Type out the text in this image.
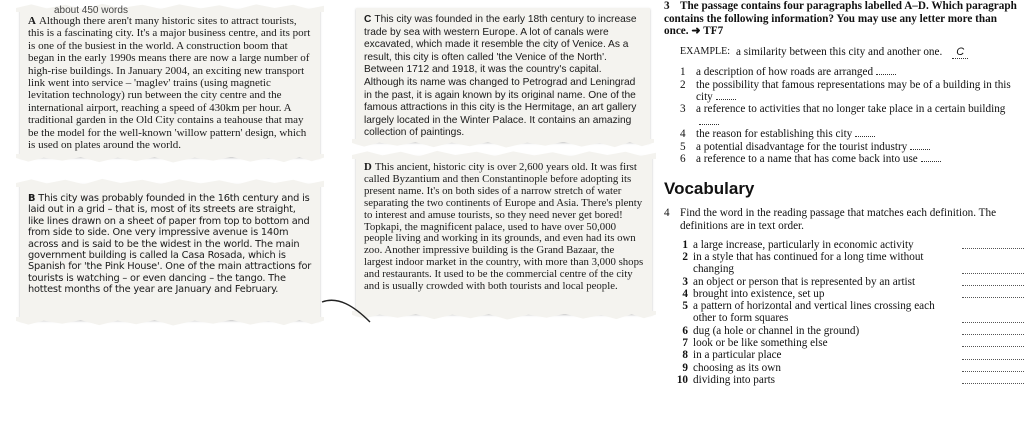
about 450 words

A Although there aren't many historic sites to attract tourists, this is a fascinating city. It's a major business centre, and its port is one of the busiest in the world. A construction boom that began in the early 1990s means there are now a large number of high-rise buildings. In January 2004, an exciting new transport link went into service – 'maglev' trains (using magnetic levitation technology) run between the city centre and the international airport, reaching a speed of 430km per hour. A traditional garden in the Old City contains a teahouse that may be the model for the well-known 'willow pattern' design, which is used on plates around the world.

B This city was probably founded in the 16th century and is laid out in a grid – that is, most of its streets are straight, like lines drawn on a sheet of paper from top to bottom and from side to side. One very impressive avenue is 140m across and is said to be the widest in the world. The main government building is called la Casa Rosada, which is Spanish for 'the Pink House'. One of the main attractions for tourists is watching – or even dancing – the tango. The hottest months of the year are January and February.

C This city was founded in the early 18th century to increase trade by sea with western Europe. A lot of canals were excavated, which made it resemble the city of Venice. As a result, this city is often called 'the Venice of the North'. Between 1712 and 1918, it was the country's capital. Although its name was changed to Petrograd and Leningrad in the past, it is again known by its original name. One of the famous attractions in this city is the Hermitage, an art gallery largely located in the Winter Palace. It contains an amazing collection of paintings.

D This ancient, historic city is over 2,600 years old. It was first called Byzantium and then Constantinople before adopting its present name. It's on both sides of a narrow stretch of water separating the two continents of Europe and Asia. There's plenty to interest and amuse tourists, so they need never get bored! Topkapi, the magnificent palace, used to have over 50,000 people living and working in its grounds, and even had its own zoo. Another impressive building is the Grand Bazaar, the largest indoor market in the country, with more than 3,000 shops and restaurants. It used to be the commercial centre of the city and is usually crowded with both tourists and local people.

3 The passage contains four paragraphs labelled A–D. Which paragraph contains the following information? You may use any letter more than once. ➜ TF7
EXAMPLE: a similarity between this city and another one.	C
1 a description of how roads are arranged
2 the possibility that famous representations may be of a building in this city
3 a reference to activities that no longer take place in a certain building
4 the reason for establishing this city
5 a potential disadvantage for the tourist industry
6 a reference to a name that has come back into use
Vocabulary
4 Find the word in the reading passage that matches each definition. The definitions are in text order.
1 a large increase, particularly in economic activity
2 in a style that has continued for a long time without changing
3 an object or person that is represented by an artist
4 brought into existence, set up
5 a pattern of horizontal and vertical lines crossing each other to form squares
6 dug (a hole or channel in the ground)
7 look or be like something else
8 in a particular place
9 choosing as its own
10 dividing into parts
